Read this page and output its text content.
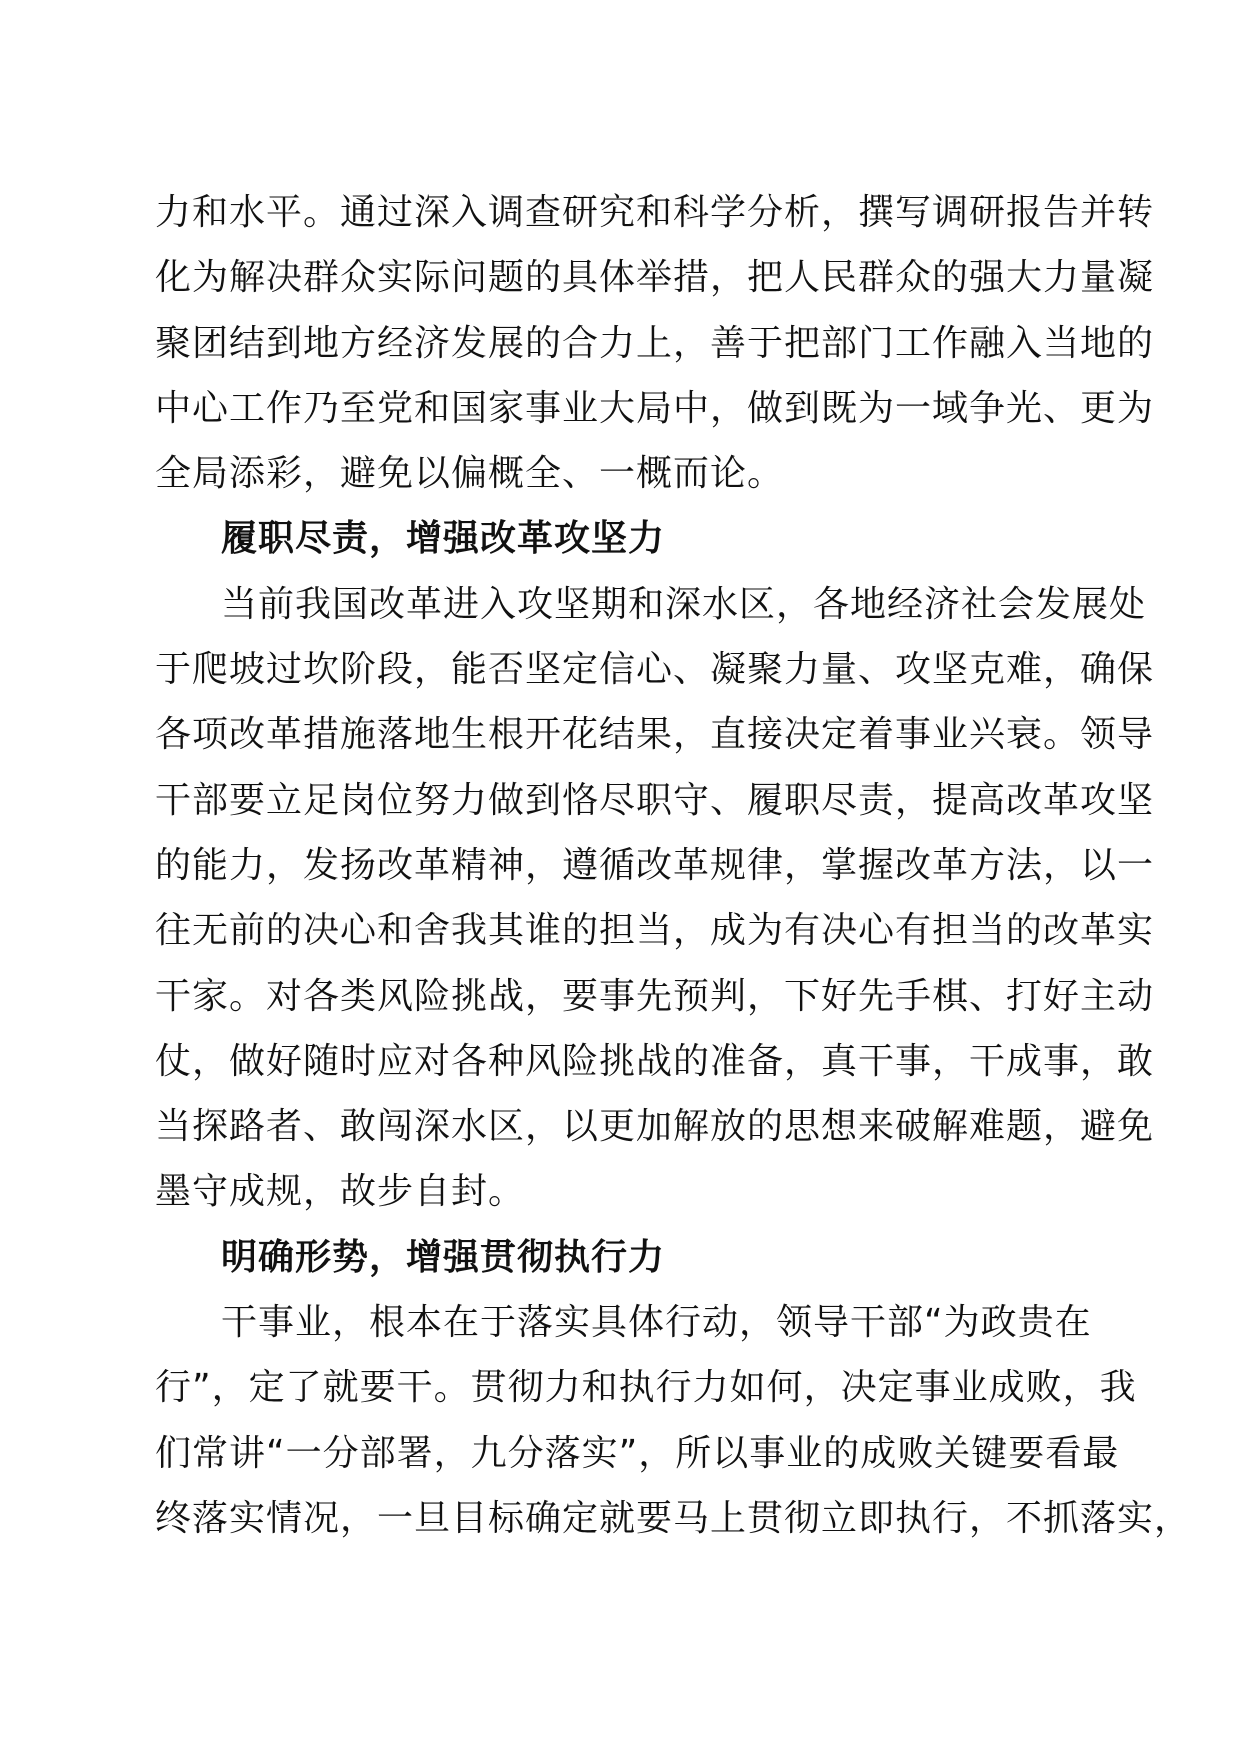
力和水平。通过深入调查研究和科学分析，撰写调研报告并转
化为解决群众实际问题的具体举措，把人民群众的强大力量凝
聚团结到地方经济发展的合力上，善于把部门工作融入当地的
中心工作乃至党和国家事业大局中，做到既为一域争光、更为
全局添彩，避免以偏概全、一概而论。
履职尽责，增强改革攻坚力
当前我国改革进入攻坚期和深水区，各地经济社会发展处
于爬坡过坎阶段，能否坚定信心、凝聚力量、攻坚克难，确保
各项改革措施落地生根开花结果，直接决定着事业兴衰。领导
干部要立足岗位努力做到恪尽职守、履职尽责，提高改革攻坚
的能力，发扬改革精神，遵循改革规律，掌握改革方法，以一
往无前的决心和舍我其谁的担当，成为有决心有担当的改革实
干家。对各类风险挑战，要事先预判，下好先手棋、打好主动
仗，做好随时应对各种风险挑战的准备，真干事，干成事，敢
当探路者、敢闯深水区，以更加解放的思想来破解难题，避免
墨守成规，故步自封。
明确形势，增强贯彻执行力
干事业，根本在于落实具体行动，领导干部“为政贵在
行”，定了就要干。贯彻力和执行力如何，决定事业成败，我
们常讲“一分部署，九分落实”，所以事业的成败关键要看最
终落实情况，一旦目标确定就要马上贯彻立即执行，不抓落实，
